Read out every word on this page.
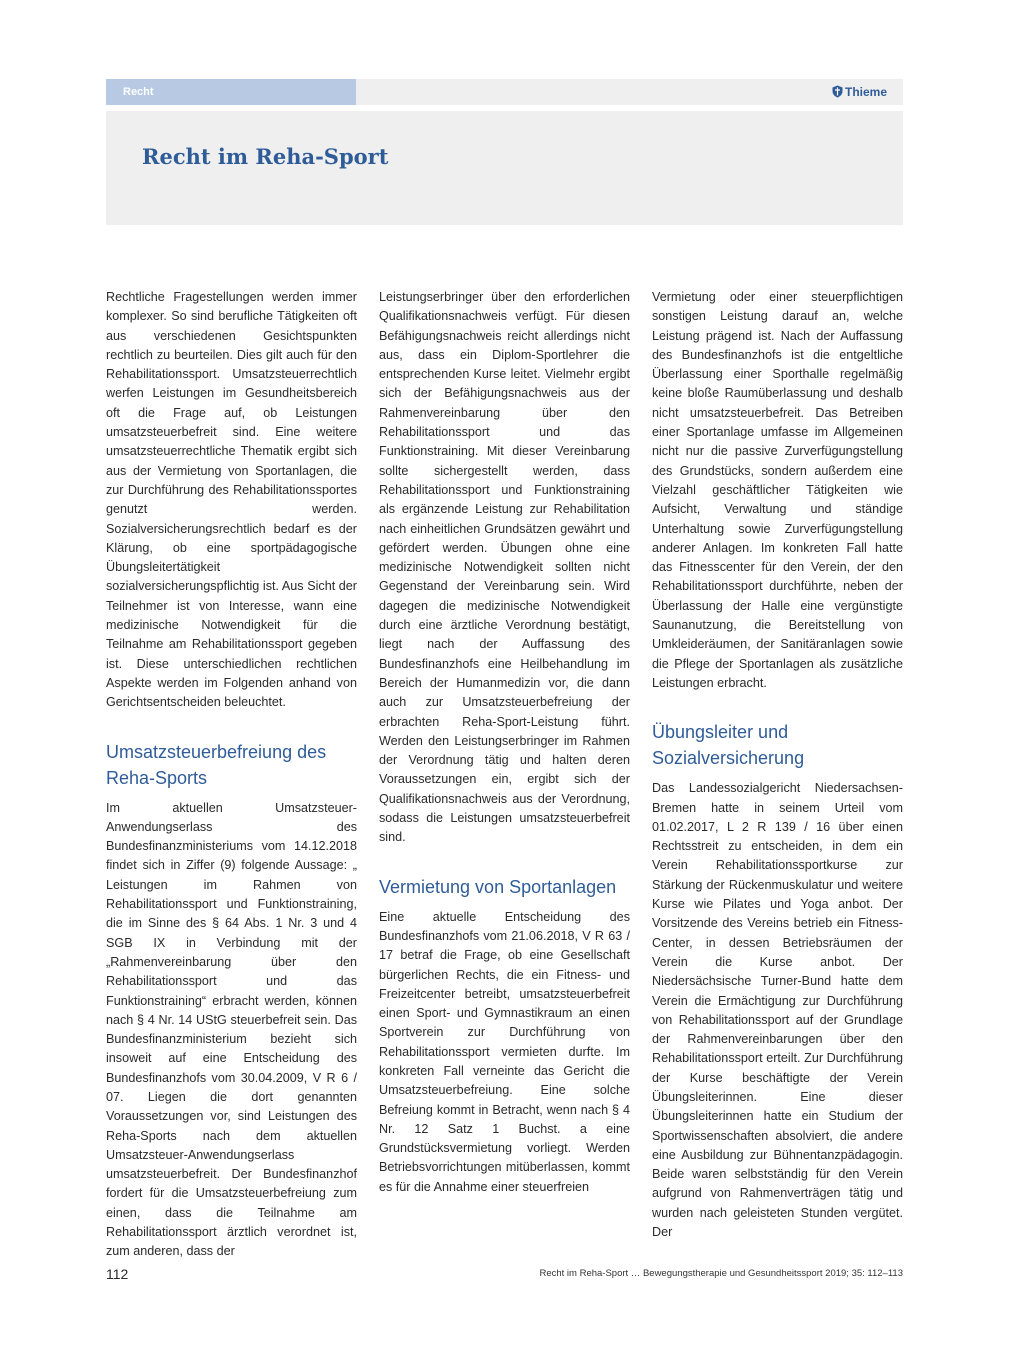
Recht	Thieme
Recht im Reha-Sport

Rechtliche Fragestellungen werden immer komplexer. So sind berufliche Tätigkeiten oft aus verschiedenen Gesichtspunkten rechtlich zu beurteilen. Dies gilt auch für den Rehabilitationssport. Umsatzsteuerrechtlich werfen Leistungen im Gesundheitsbereich oft die Frage auf, ob Leistungen umsatzsteuerbefreit sind. Eine weitere umsatzsteuerrechtliche Thematik ergibt sich aus der Vermietung von Sportanlagen, die zur Durchführung des Rehabilitationssportes genutzt werden. Sozialversicherungsrechtlich bedarf es der Klärung, ob eine sportpädagogische Übungsleitertätigkeit sozialversicherungspflichtig ist. Aus Sicht der Teilnehmer ist von Interesse, wann eine medizinische Notwendigkeit für die Teilnahme am Rehabilitationssport gegeben ist. Diese unterschiedlichen rechtlichen Aspekte werden im Folgenden anhand von Gerichtsentscheiden beleuchtet.

Umsatzsteuerbefreiung des Reha-Sports

Im aktuellen Umsatzsteuer-Anwendungserlass des Bundesfinanzministeriums vom 14.12.2018 findet sich in Ziffer (9) folgende Aussage: „ Leistungen im Rahmen von Rehabilitationssport und Funktionstraining, die im Sinne des § 64 Abs. 1 Nr. 3 und 4 SGB IX in Verbindung mit der „Rahmenvereinbarung über den Rehabilitationssport und das Funktionstraining“ erbracht werden, können nach § 4 Nr. 14 UStG steuerbefreit sein. Das Bundesfinanzministerium bezieht sich insoweit auf eine Entscheidung des Bundesfinanzhofs vom 30.04.2009, V R 6 / 07. Liegen die dort genannten Voraussetzungen vor, sind Leistungen des Reha-Sports nach dem aktuellen Umsatzsteuer-Anwendungserlass umsatzsteuerbefreit. Der Bundesfinanzhof fordert für die Umsatzsteuerbefreiung zum einen, dass die Teilnahme am Rehabilitationssport ärztlich verordnet ist, zum anderen, dass der

Leistungserbringer über den erforderlichen Qualifikationsnachweis verfügt. Für diesen Befähigungsnachweis reicht allerdings nicht aus, dass ein Diplom-Sportlehrer die entsprechenden Kurse leitet. Vielmehr ergibt sich der Befähigungsnachweis aus der Rahmenvereinbarung über den Rehabilitationssport und das Funktionstraining. Mit dieser Vereinbarung sollte sichergestellt werden, dass Rehabilitationssport und Funktionstraining als ergänzende Leistung zur Rehabilitation nach einheitlichen Grundsätzen gewährt und gefördert werden. Übungen ohne eine medizinische Notwendigkeit sollten nicht Gegenstand der Vereinbarung sein. Wird dagegen die medizinische Notwendigkeit durch eine ärztliche Verordnung bestätigt, liegt nach der Auffassung des Bundesfinanzhofs eine Heilbehandlung im Bereich der Humanmedizin vor, die dann auch zur Umsatzsteuerbefreiung der erbrachten Reha-Sport-Leistung führt. Werden den Leistungserbringer im Rahmen der Verordnung tätig und halten deren Voraussetzungen ein, ergibt sich der Qualifikationsnachweis aus der Verordnung, sodass die Leistungen umsatzsteuerbefreit sind.

Vermietung von Sportanlagen

Eine aktuelle Entscheidung des Bundesfinanzhofs vom 21.06.2018, V R 63 / 17 betraf die Frage, ob eine Gesellschaft bürgerlichen Rechts, die ein Fitness- und Freizeitcenter betreibt, umsatzsteuerbefreit einen Sport- und Gymnastikraum an einen Sportverein zur Durchführung von Rehabilitationssport vermieten durfte. Im konkreten Fall verneinte das Gericht die Umsatzsteuerbefreiung. Eine solche Befreiung kommt in Betracht, wenn nach § 4 Nr. 12 Satz 1 Buchst. a eine Grundstücksvermietung vorliegt. Werden Betriebsvorrichtungen mitüberlassen, kommt es für die Annahme einer steuerfreien

Vermietung oder einer steuerpflichtigen sonstigen Leistung darauf an, welche Leistung prägend ist. Nach der Auffassung des Bundesfinanzhofs ist die entgeltliche Überlassung einer Sporthalle regelmäßig keine bloße Raumüberlassung und deshalb nicht umsatzsteuerbefreit. Das Betreiben einer Sportanlage umfasse im Allgemeinen nicht nur die passive Zurverfügungstellung des Grundstücks, sondern außerdem eine Vielzahl geschäftlicher Tätigkeiten wie Aufsicht, Verwaltung und ständige Unterhaltung sowie Zurverfügungstellung anderer Anlagen. Im konkreten Fall hatte das Fitnesscenter für den Verein, der den Rehabilitationssport durchführte, neben der Überlassung der Halle eine vergünstigte Saunanutzung, die Bereitstellung von Umkleideräumen, der Sanitäranlagen sowie die Pflege der Sportanlagen als zusätzliche Leistungen erbracht.

Übungsleiter und Sozialversicherung

Das Landessozialgericht Niedersachsen-Bremen hatte in seinem Urteil vom 01.02.2017, L 2 R 139 / 16 über einen Rechtsstreit zu entscheiden, in dem ein Verein Rehabilitationssportkurse zur Stärkung der Rückenmuskulatur und weitere Kurse wie Pilates und Yoga anbot. Der Vorsitzende des Vereins betrieb ein Fitness-Center, in dessen Betriebsräumen der Verein die Kurse anbot. Der Niedersächsische Turner-Bund hatte dem Verein die Ermächtigung zur Durchführung von Rehabilitationssport auf der Grundlage der Rahmenvereinbarungen über den Rehabilitationssport erteilt. Zur Durchführung der Kurse beschäftigte der Verein Übungsleiterinnen. Eine dieser Übungsleiterinnen hatte ein Studium der Sportwissenschaften absolviert, die andere eine Ausbildung zur Bühnentanzpädagogin. Beide waren selbstständig für den Verein aufgrund von Rahmenverträgen tätig und wurden nach geleisteten Stunden vergütet. Der

112	Recht im Reha-Sport … Bewegungstherapie und Gesundheitssport 2019; 35: 112–113
